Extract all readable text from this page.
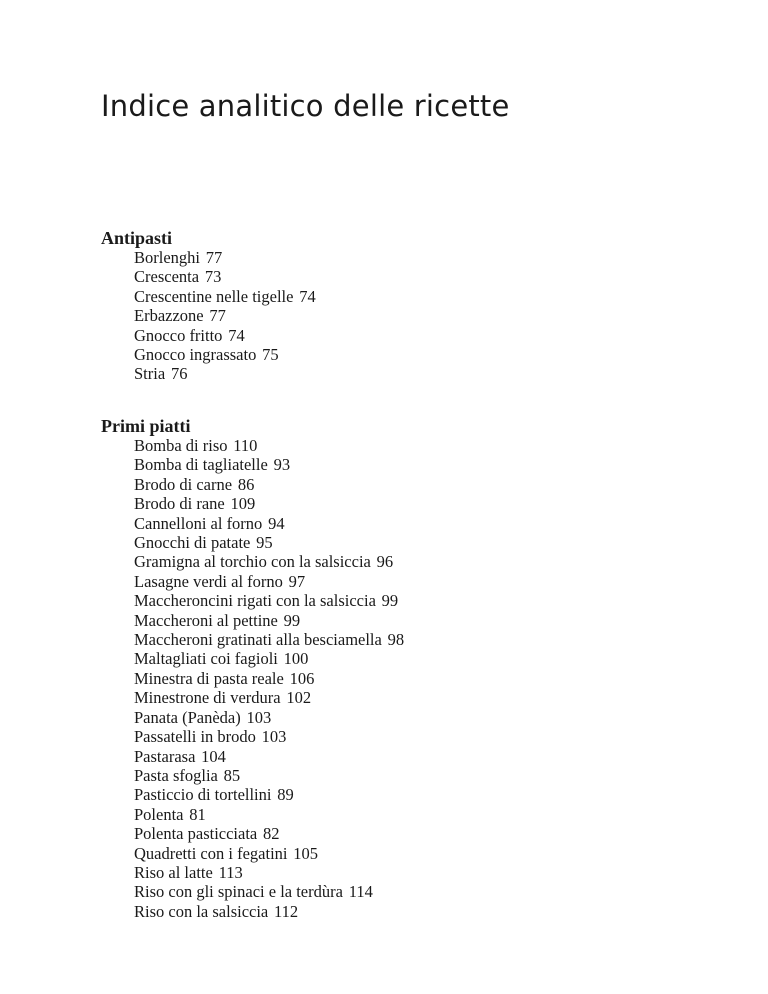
Indice analitico delle ricette
Antipasti
Borlenghi 77
Crescenta 73
Crescentine nelle tigelle 74
Erbazzone 77
Gnocco fritto 74
Gnocco ingrassato 75
Stria 76
Primi piatti
Bomba di riso 110
Bomba di tagliatelle 93
Brodo di carne 86
Brodo di rane 109
Cannelloni al forno 94
Gnocchi di patate 95
Gramigna al torchio con la salsiccia 96
Lasagne verdi al forno 97
Maccheroncini rigati con la salsiccia 99
Maccheroni al pettine 99
Maccheroni gratinati alla besciamella 98
Maltagliati coi fagioli 100
Minestra di pasta reale 106
Minestrone di verdura 102
Panata (Panèda) 103
Passatelli in brodo 103
Pastarasa 104
Pasta sfoglia 85
Pasticcio di tortellini 89
Polenta 81
Polenta pasticciata 82
Quadretti con i fegatini 105
Riso al latte 113
Riso con gli spinaci e la terdùra 114
Riso con la salsiccia 112
